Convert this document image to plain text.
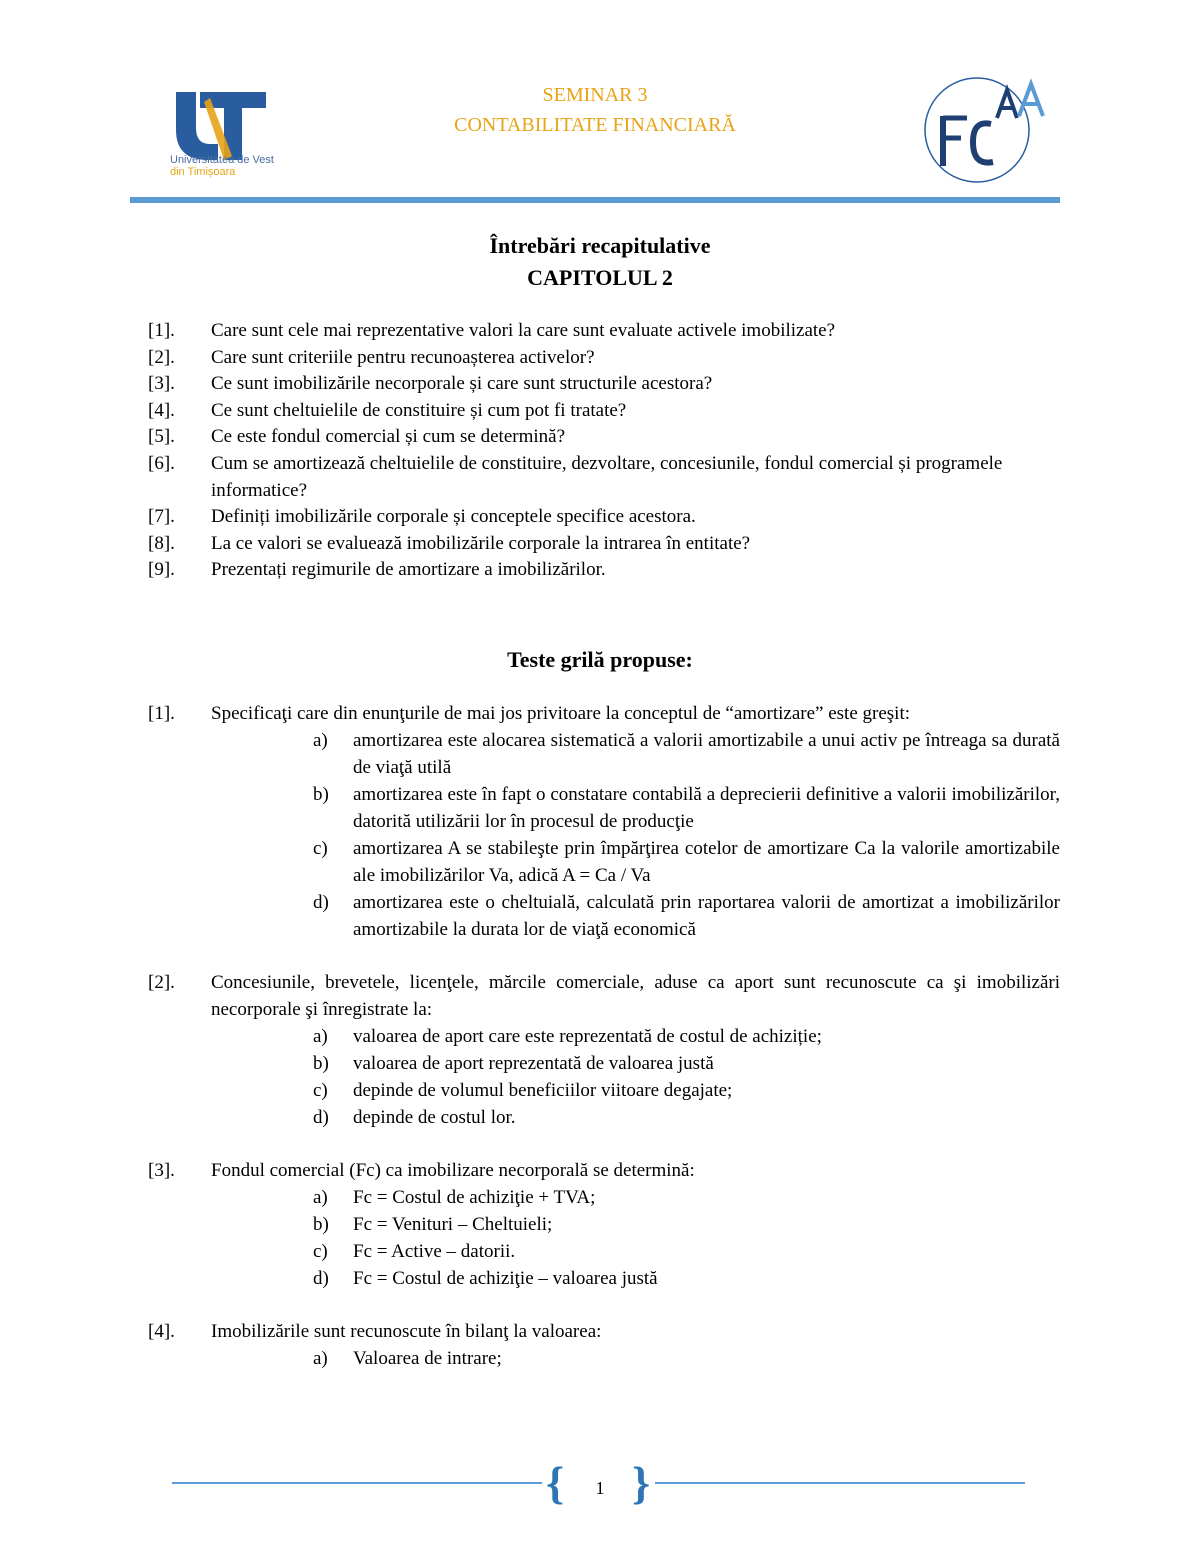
Universitatea de Vest
din Timișoara
SEMINAR 3
CONTABILITATE FINANCIARĂ
Întrebări recapitulative
CAPITOLUL 2
[1].	Care sunt cele mai reprezentative valori la care sunt evaluate activele imobilizate?
[2].	Care sunt criteriile pentru recunoașterea activelor?
[3].	Ce sunt imobilizările necorporale și care sunt structurile acestora?
[4].	Ce sunt cheltuielile de constituire și cum pot fi tratate?
[5].	Ce este fondul comercial și cum se determină?
[6].	Cum se amortizează cheltuielile de constituire, dezvoltare, concesiunile, fondul comercial și programele informatice?
[7].	Definiți imobilizările corporale și conceptele specifice acestora.
[8].	La ce valori se evaluează imobilizările corporale la intrarea în entitate?
[9].	Prezentați regimurile de amortizare a imobilizărilor.
Teste grilă propuse:
[1].	Specificaţi care din enunţurile de mai jos privitoare la conceptul de “amortizare” este greşit:
a)	amortizarea este alocarea sistematică a valorii amortizabile a unui activ pe întreaga sa durată de viaţă utilă
b)	amortizarea este în fapt o constatare contabilă a deprecierii definitive a valorii imobilizărilor, datorită utilizării lor în procesul de producţie
c)	amortizarea A se stabileşte prin împărţirea cotelor de amortizare Ca la valorile amortizabile ale imobilizărilor Va, adică A = Ca / Va
d)	amortizarea este o cheltuială, calculată prin raportarea valorii de amortizat a imobilizărilor amortizabile la durata lor de viaţă economică
[2].	Concesiunile, brevetele, licenţele, mărcile comerciale, aduse ca aport sunt recunoscute ca şi imobilizări necorporale şi înregistrate la:
a)	valoarea de aport care este reprezentată de costul de achiziție;
b)	valoarea de aport reprezentată de valoarea justă
c)	depinde de volumul beneficiilor viitoare degajate;
d)	depinde de costul lor.
[3].	Fondul comercial (Fc) ca imobilizare necorporală se determină:
a)	Fc = Costul de achiziţie + TVA;
b)	Fc = Venituri – Cheltuieli;
c)	Fc = Active – datorii.
d)	Fc = Costul de achiziţie – valoarea justă
[4].	Imobilizările sunt recunoscute în bilanţ la valoarea:
a)	Valoarea de intrare;
{ }
1
